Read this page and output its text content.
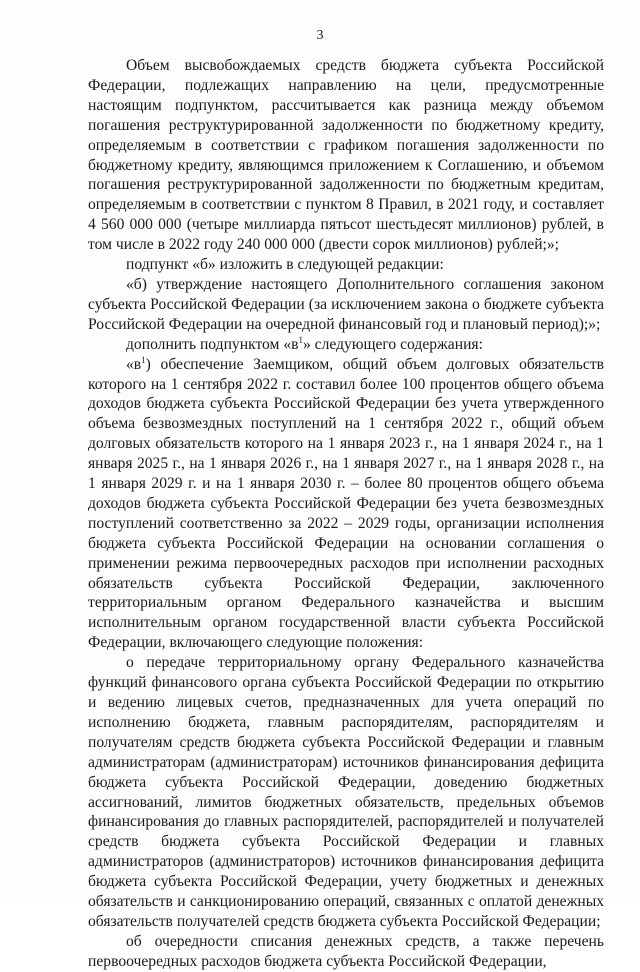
3

Объем высвобождаемых средств бюджета субъекта Российской Федерации, подлежащих направлению на цели, предусмотренные настоящим подпунктом, рассчитывается как разница между объемом погашения реструктурированной задолженности по бюджетному кредиту, определяемым в соответствии с графиком погашения задолженности по бюджетному кредиту, являющимся приложением к Соглашению, и объемом погашения реструктурированной задолженности по бюджетным кредитам, определяемым в соответствии с пунктом 8 Правил, в 2021 году, и составляет 4 560 000 000 (четыре миллиарда пятьсот шестьдесят миллионов) рублей, в том числе в 2022 году 240 000 000 (двести сорок миллионов) рублей;»;

подпункт «б» изложить в следующей редакции:

«б) утверждение настоящего Дополнительного соглашения законом субъекта Российской Федерации (за исключением закона о бюджете субъекта Российской Федерации на очередной финансовый год и плановый период);»;

дополнить подпунктом «$в^1$» следующего содержания:

«$в^1$) обеспечение Заемщиком, общий объем долговых обязательств которого на 1 сентября 2022 г. составил более 100 процентов общего объема доходов бюджета субъекта Российской Федерации без учета утвержденного объема безвозмездных поступлений на 1 сентября 2022 г., общий объем долговых обязательств которого на 1 января 2023 г., на 1 января 2024 г., на 1 января 2025 г., на 1 января 2026 г., на 1 января 2027 г., на 1 января 2028 г., на 1 января 2029 г. и на 1 января 2030 г. – более 80 процентов общего объема доходов бюджета субъекта Российской Федерации без учета безвозмездных поступлений соответственно за 2022 – 2029 годы, организации исполнения бюджета субъекта Российской Федерации на основании соглашения о применении режима первоочередных расходов при исполнении расходных обязательств субъекта Российской Федерации, заключенного территориальным органом Федерального казначейства и высшим исполнительным органом государственной власти субъекта Российской Федерации, включающего следующие положения:

о передаче территориальному органу Федерального казначейства функций финансового органа субъекта Российской Федерации по открытию и ведению лицевых счетов, предназначенных для учета операций по исполнению бюджета, главным распорядителям, распорядителям и получателям средств бюджета субъекта Российской Федерации и главным администраторам (администраторам) источников финансирования дефицита бюджета субъекта Российской Федерации, доведению бюджетных ассигнований, лимитов бюджетных обязательств, предельных объемов финансирования до главных распорядителей, распорядителей и получателей средств бюджета субъекта Российской Федерации и главных администраторов (администраторов) источников финансирования дефицита бюджета субъекта Российской Федерации, учету бюджетных и денежных обязательств и санкционированию операций, связанных с оплатой денежных обязательств получателей средств бюджета субъекта Российской Федерации;

об очередности списания денежных средств, а также перечень первоочередных расходов бюджета субъекта Российской Федерации,
